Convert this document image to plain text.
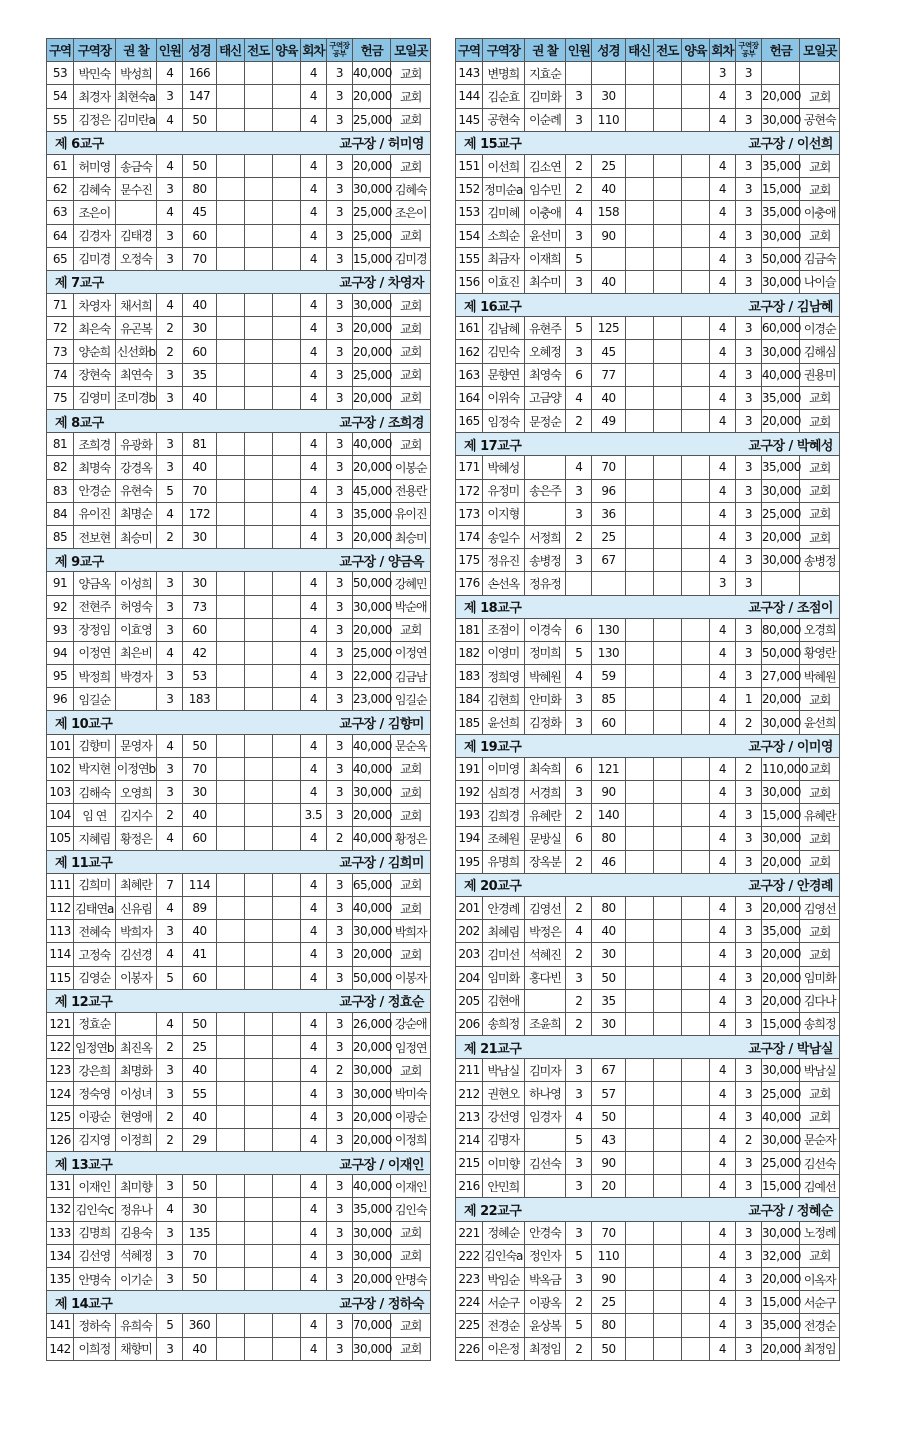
구역	구역장	권 찰	인원	성경	태신	전도	양육	회차	구역장 공부	헌금	모일곳
53	박민숙	박성희	4	166				4	3	40,000	교회
54	최경자	최현숙a	3	147				4	3	20,000	교회
55	김정은	김미란a	4	50				4	3	25,000	교회

제 6교구 교구장 / 허미영											

61	허미영	송금숙	4	50				4	3	20,000	교회
62	김혜숙	문수진	3	80				4	3	30,000	김혜숙
63	조은이		4	45				4	3	25,000	조은이
64	김경자	김태경	3	60				4	3	25,000	교회
65	김미경	오정숙	3	70				4	3	15,000	김미경

제 7교구 교구장 / 차영자											

71	차영자	채서희	4	40				4	3	30,000	교회
72	최은숙	유곤복	2	30				4	3	20,000	교회
73	양순희	신선화b	2	60				4	3	20,000	교회
74	장현숙	최연숙	3	35				4	3	25,000	교회
75	김영미	조미경b	3	40				4	3	20,000	교회

제 8교구 교구장 / 조희경											

81	조희경	유광화	3	81				4	3	40,000	교회
82	최명숙	강경옥	3	40				4	3	20,000	이봉순
83	안경순	유현숙	5	70				4	3	45,000	전용란
84	유이진	최명순	4	172				4	3	35,000	유이진
85	전보현	최승미	2	30				4	3	20,000	최승미

제 9교구 교구장 / 양금옥											

91	양금옥	이성희	3	30				4	3	50,000	강혜민
92	전현주	허영숙	3	73				4	3	30,000	박순애
93	장정임	이효영	3	60				4	3	20,000	교회
94	이정연	최은비	4	42				4	3	25,000	이정연
95	박정희	박경자	3	53				4	3	22,000	김금남
96	임길순		3	183				4	3	23,000	임길순

제 10교구 교구장 / 김향미											

101	김향미	문영자	4	50				4	3	40,000	문순옥
102	박지현	이정연b	3	70				4	3	40,000	교회
103	김해숙	오영희	3	30				4	3	30,000	교회
104	임 연	김지수	2	40				3.5	3	20,000	교회
105	지혜림	황정은	4	60				4	2	40,000	황정은

제 11교구 교구장 / 김희미											

111	김희미	최혜란	7	114				4	3	65,000	교회
112	김태연a	신유림	4	89				4	3	40,000	교회
113	전혜숙	박희자	3	40				4	3	30,000	박희자
114	고정숙	김선경	4	41				4	3	20,000	교회
115	김영순	이봉자	5	60				4	3	50,000	이봉자

제 12교구 교구장 / 정효순											

121	정효순		4	50				4	3	26,000	강순애
122	임정연b	최진옥	2	25				4	3	20,000	임정연
123	강은희	최명화	3	40				4	2	30,000	교회
124	정숙영	이성녀	3	55				4	3	30,000	박미숙
125	이광순	현영애	2	40				4	3	20,000	이광순
126	김지영	이정희	2	29				4	3	20,000	이정희

제 13교구 교구장 / 이재인											

131	이재인	최미향	3	50				4	3	40,000	이재인
132	김인숙c	정유나	4	30				4	3	35,000	김인숙
133	김명희	김용숙	3	135				4	3	30,000	교회
134	김선영	석혜정	3	70				4	3	30,000	교회
135	안명숙	이기순	3	50				4	3	20,000	안명숙

제 14교구 교구장 / 정하숙											

141	정하숙	유희숙	5	360				4	3	70,000	교회
142	이희정	채향미	3	40				4	3	30,000	교회
구역	구역장	권 찰	인원	성경	태신	전도	양육	회차	구역장 공부	헌금	모일곳
143	변명희	지효순						3	3		
144	김순효	김미화	3	30				4	3	20,000	교회
145	공현숙	이순례	3	110				4	3	30,000	공현숙

제 15교구 교구장 / 이선희											

151	이선희	김소연	2	25				4	3	35,000	교회
152	정미순a	임수민	2	40				4	3	15,000	교회
153	김미혜	이충애	4	158				4	3	35,000	이충애
154	소희순	윤선미	3	90				4	3	30,000	교회
155	최금자	이재희	5					4	3	50,000	김금숙
156	이효진	최수미	3	40				4	3	30,000	나이슬

제 16교구 교구장 / 김남혜											

161	김남혜	유현주	5	125				4	3	60,000	이경순
162	김민숙	오혜정	3	45				4	3	30,000	김해심
163	문향연	최영숙	6	77				4	3	40,000	권용미
164	이위숙	고금양	4	40				4	3	35,000	교회
165	임정숙	문정순	2	49				4	3	20,000	교회

제 17교구 교구장 / 박혜성											

171	박혜성		4	70				4	3	35,000	교회
172	유정미	송은주	3	96				4	3	30,000	교회
173	이지형		3	36				4	3	25,000	교회
174	송일수	서정희	2	25				4	3	20,000	교회
175	정유진	송병정	3	67				4	3	30,000	송병정
176	손선옥	정유정						3	3		

제 18교구 교구장 / 조점이											

181	조점이	이경숙	6	130				4	3	80,000	오경희
182	이영미	정미희	5	130				4	3	50,000	황영란
183	정희영	박혜원	4	59				4	3	27,000	박혜원
184	김현희	안미화	3	85				4	1	20,000	교회
185	윤선희	김정화	3	60				4	2	30,000	윤선희

제 19교구 교구장 / 이미영											

191	이미영	최숙희	6	121				4	2	110,000	교회
192	심희경	서경희	3	90				4	3	30,000	교회
193	김희경	유혜란	2	140				4	3	15,000	유혜란
194	조혜원	문방실	6	80				4	3	30,000	교회
195	유명희	장옥분	2	46				4	3	20,000	교회

제 20교구 교구장 / 안경례											

201	안경례	김영선	2	80				4	3	20,000	김영선
202	최혜림	박정은	4	40				4	3	35,000	교회
203	김미선	석혜진	2	30				4	3	20,000	교회
204	임미화	홍다빈	3	50				4	3	20,000	임미화
205	김현애		2	35				4	3	20,000	김다나
206	송희정	조윤희	2	30				4	3	15,000	송희정

제 21교구 교구장 / 박남실											

211	박남실	김미자	3	67				4	3	30,000	박남실
212	권현오	하나영	3	57				4	3	25,000	교회
213	강선영	임경자	4	50				4	3	40,000	교회
214	김명자		5	43				4	2	30,000	문순자
215	이미향	김선숙	3	90				4	3	25,000	김선숙
216	안민희		3	20				4	3	15,000	김예선

제 22교구 교구장 / 정혜순											

221	정혜순	안경숙	3	70				4	3	30,000	노정례
222	김인숙a	정인자	5	110				4	3	32,000	교회
223	박임순	박옥금	3	90				4	3	20,000	이옥자
224	서순구	이광옥	2	25				4	3	15,000	서순구
225	전경순	윤상복	5	80				4	3	35,000	전경순
226	이은정	최정임	2	50				4	3	20,000	최정임
